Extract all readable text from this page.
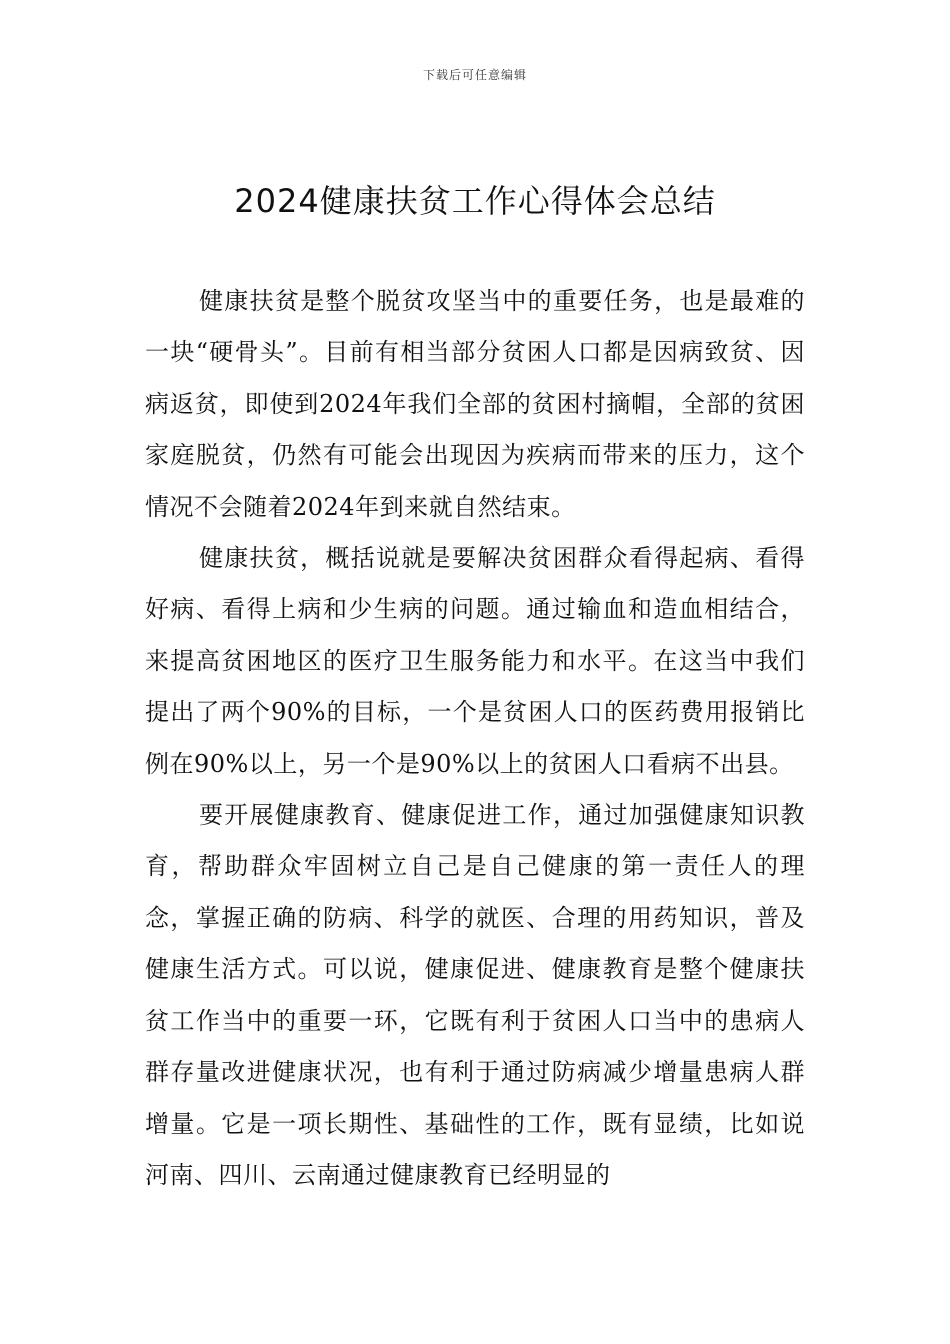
下载后可任意编辑
2024健康扶贫工作心得体会总结

健康扶贫是整个脱贫攻坚当中的重要任务，也是最难的一块“硬骨头”。目前有相当部分贫困人口都是因病致贫、因病返贫，即使到2024年我们全部的贫困村摘帽，全部的贫困家庭脱贫，仍然有可能会出现因为疾病而带来的压力，这个情况不会随着2024年到来就自然结束。

健康扶贫，概括说就是要解决贫困群众看得起病、看得好病、看得上病和少生病的问题。通过输血和造血相结合，来提高贫困地区的医疗卫生服务能力和水平。在这当中我们提出了两个90%的目标，一个是贫困人口的医药费用报销比例在90%以上，另一个是90%以上的贫困人口看病不出县。

要开展健康教育、健康促进工作，通过加强健康知识教育，帮助群众牢固树立自己是自己健康的第一责任人的理念，掌握正确的防病、科学的就医、合理的用药知识，普及健康生活方式。可以说，健康促进、健康教育是整个健康扶贫工作当中的重要一环，它既有利于贫困人口当中的患病人群存量改进健康状况，也有利于通过防病减少增量患病人群增量。它是一项长期性、基础性的工作，既有显绩，比如说河南、四川、云南通过健康教育已经明显的
